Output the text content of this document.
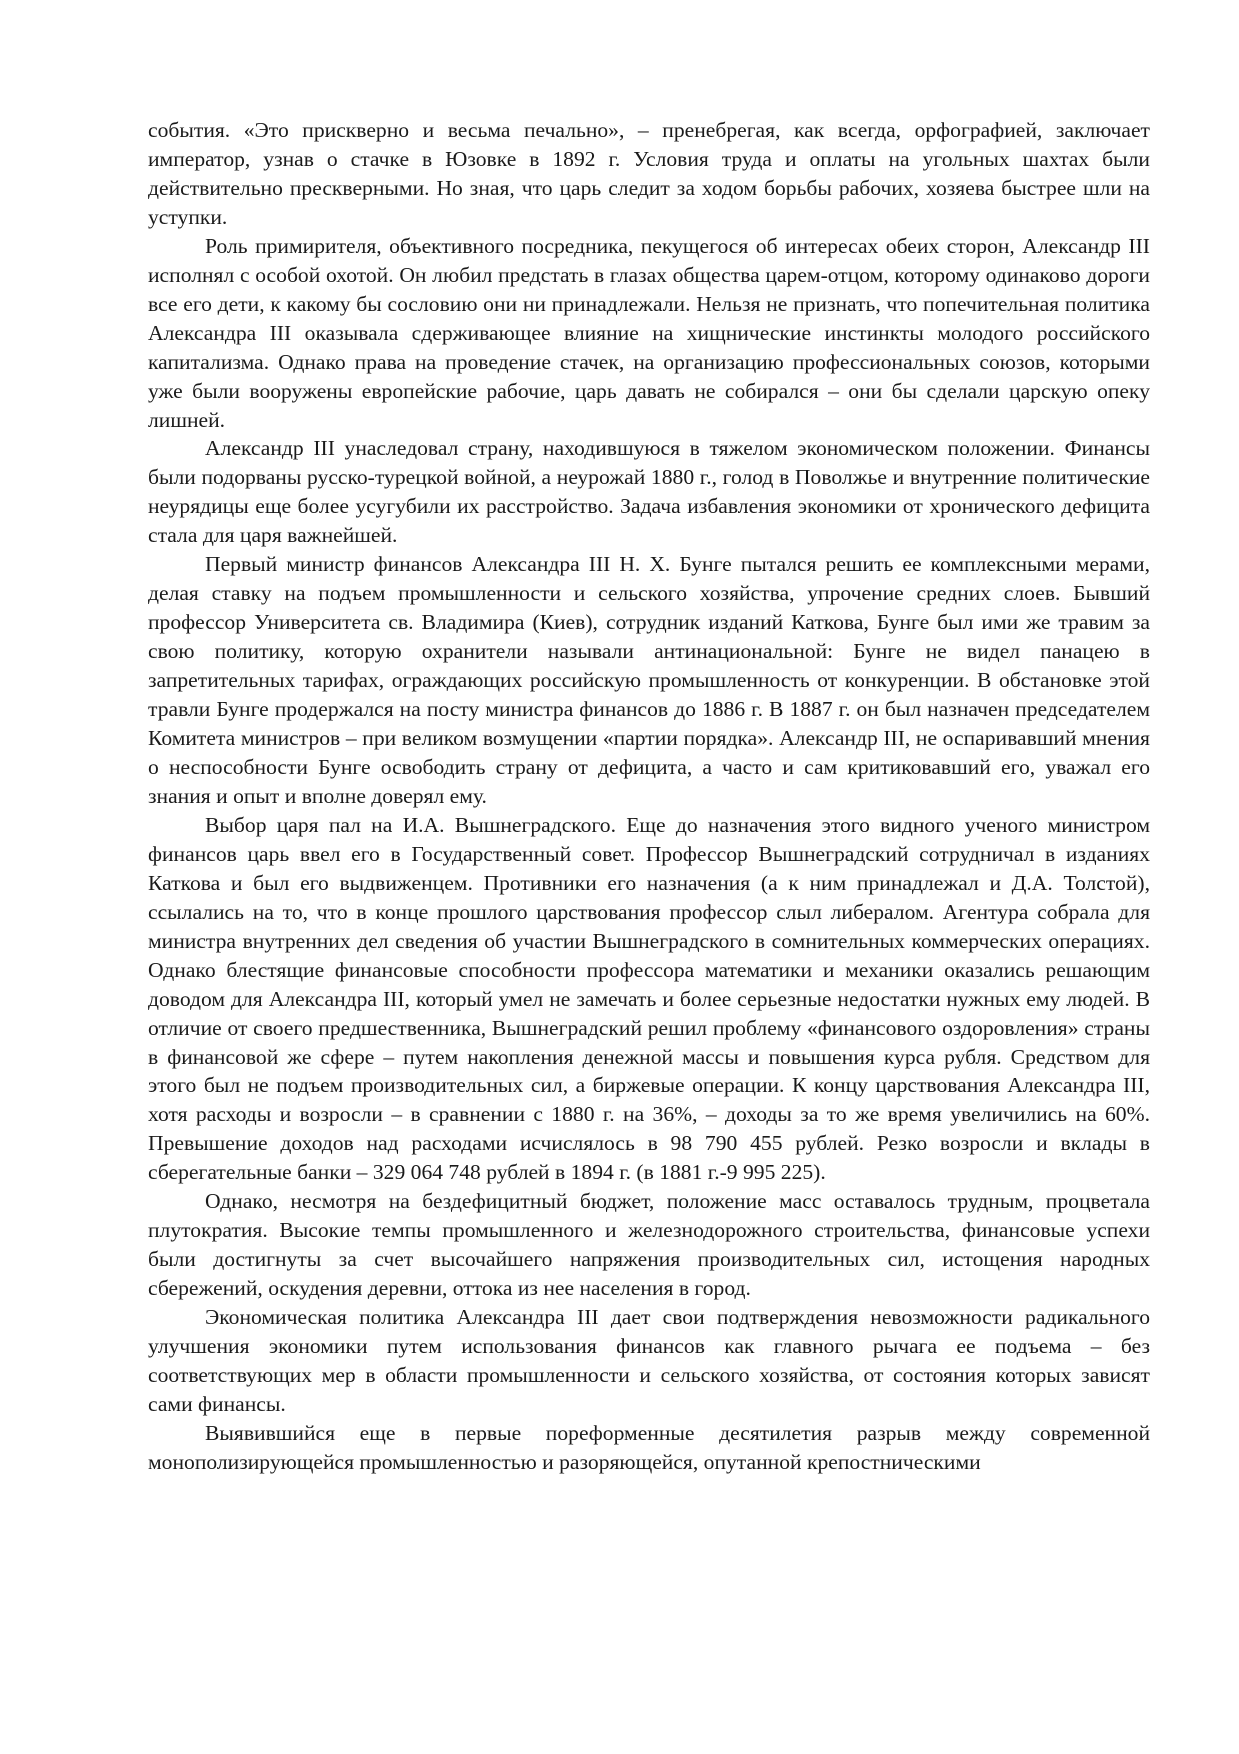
события. «Это прискверно и весьма печально», – пренебрегая, как всегда, орфографией, заключает император, узнав о стачке в Юзовке в 1892 г. Условия труда и оплаты на угольных шахтах были действительно прескверными. Но зная, что царь следит за ходом борьбы рабочих, хозяева быстрее шли на уступки.

Роль примирителя, объективного посредника, пекущегося об интересах обеих сторон, Александр III исполнял с особой охотой. Он любил предстать в глазах общества царем-отцом, которому одинаково дороги все его дети, к какому бы сословию они ни принадлежали. Нельзя не признать, что попечительная политика Александра III оказывала сдерживающее влияние на хищнические инстинкты молодого российского капитализма. Однако права на проведение стачек, на организацию профессиональных союзов, которыми уже были вооружены европейские рабочие, царь давать не собирался – они бы сделали царскую опеку лишней.

Александр III унаследовал страну, находившуюся в тяжелом экономическом положении. Финансы были подорваны русско-турецкой войной, а неурожай 1880 г., голод в Поволжье и внутренние политические неурядицы еще более усугубили их расстройство. Задача избавления экономики от хронического дефицита стала для царя важнейшей.

Первый министр финансов Александра III Н. Х. Бунге пытался решить ее комплексными мерами, делая ставку на подъем промышленности и сельского хозяйства, упрочение средних слоев. Бывший профессор Университета св. Владимира (Киев), сотрудник изданий Каткова, Бунге был ими же травим за свою политику, которую охранители называли антинациональной: Бунге не видел панацею в запретительных тарифах, ограждающих российскую промышленность от конкуренции. В обстановке этой травли Бунге продержался на посту министра финансов до 1886 г. В 1887 г. он был назначен председателем Комитета министров – при великом возмущении «партии порядка». Александр III, не оспаривавший мнения о неспособности Бунге освободить страну от дефицита, а часто и сам критиковавший его, уважал его знания и опыт и вполне доверял ему.

Выбор царя пал на И.А. Вышнеградского. Еще до назначения этого видного ученого министром финансов царь ввел его в Государственный совет. Профессор Вышнеградский сотрудничал в изданиях Каткова и был его выдвиженцем. Противники его назначения (а к ним принадлежал и Д.А. Толстой), ссылались на то, что в конце прошлого царствования профессор слыл либералом. Агентура собрала для министра внутренних дел сведения об участии Вышнеградского в сомнительных коммерческих операциях. Однако блестящие финансовые способности профессора математики и механики оказались решающим доводом для Александра III, который умел не замечать и более серьезные недостатки нужных ему людей. В отличие от своего предшественника, Вышнеградский решил проблему «финансового оздоровления» страны в финансовой же сфере – путем накопления денежной массы и повышения курса рубля. Средством для этого был не подъем производительных сил, а биржевые операции. К концу царствования Александра III, хотя расходы и возросли – в сравнении с 1880 г. на 36%, – доходы за то же время увеличились на 60%. Превышение доходов над расходами исчислялось в 98 790 455 рублей. Резко возросли и вклады в сберегательные банки – 329 064 748 рублей в 1894 г. (в 1881 г.-9 995 225).

Однако, несмотря на бездефицитный бюджет, положение масс оставалось трудным, процветала плутократия. Высокие темпы промышленного и железнодорожного строительства, финансовые успехи были достигнуты за счет высочайшего напряжения производительных сил, истощения народных сбережений, оскудения деревни, оттока из нее населения в город.

Экономическая политика Александра III дает свои подтверждения невозможности радикального улучшения экономики путем использования финансов как главного рычага ее подъема – без соответствующих мер в области промышленности и сельского хозяйства, от состояния которых зависят сами финансы.

Выявившийся еще в первые пореформенные десятилетия разрыв между современной монополизирующейся промышленностью и разоряющейся, опутанной крепостническими
